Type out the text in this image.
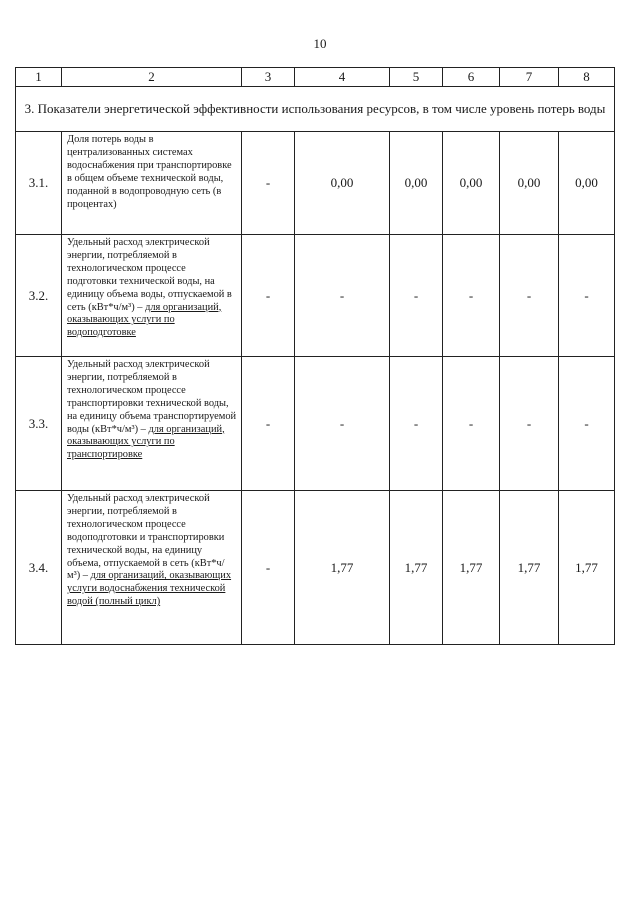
10
1	2	3	4	5	6	7	8
3. Показатели энергетической эффективности использования ресурсов, в том числе уровень потерь воды							
3.1.	Доля потерь воды в централизованных системах водоснабжения при транспортировке в общем объеме технической воды, поданной в водопроводную сеть (в процентах)	-	0,00	0,00	0,00	0,00	0,00
3.2.	Удельный расход электрической энергии, потребляемой в технологическом процессе подготовки технической воды, на единицу объема воды, отпускаемой в сеть (кВт*ч/м³) – для организаций, оказывающих услуги по водоподготовке	-	-	-	-	-	-
3.3.	Удельный расход электрической энергии, потребляемой в технологическом процессе транспортировки технической воды, на единицу объема транспортируемой воды (кВт*ч/м³) – для организаций, оказывающих услуги по транспортировке	-	-	-	-	-	-
3.4.	Удельный расход электрической энергии, потребляемой в технологическом процессе водоподготовки и транспортировки технической воды, на единицу объема, отпускаемой в сеть (кВт*ч/м³) – для организаций, оказывающих услуги водоснабжения технической водой (полный цикл)	-	1,77	1,77	1,77	1,77	1,77
